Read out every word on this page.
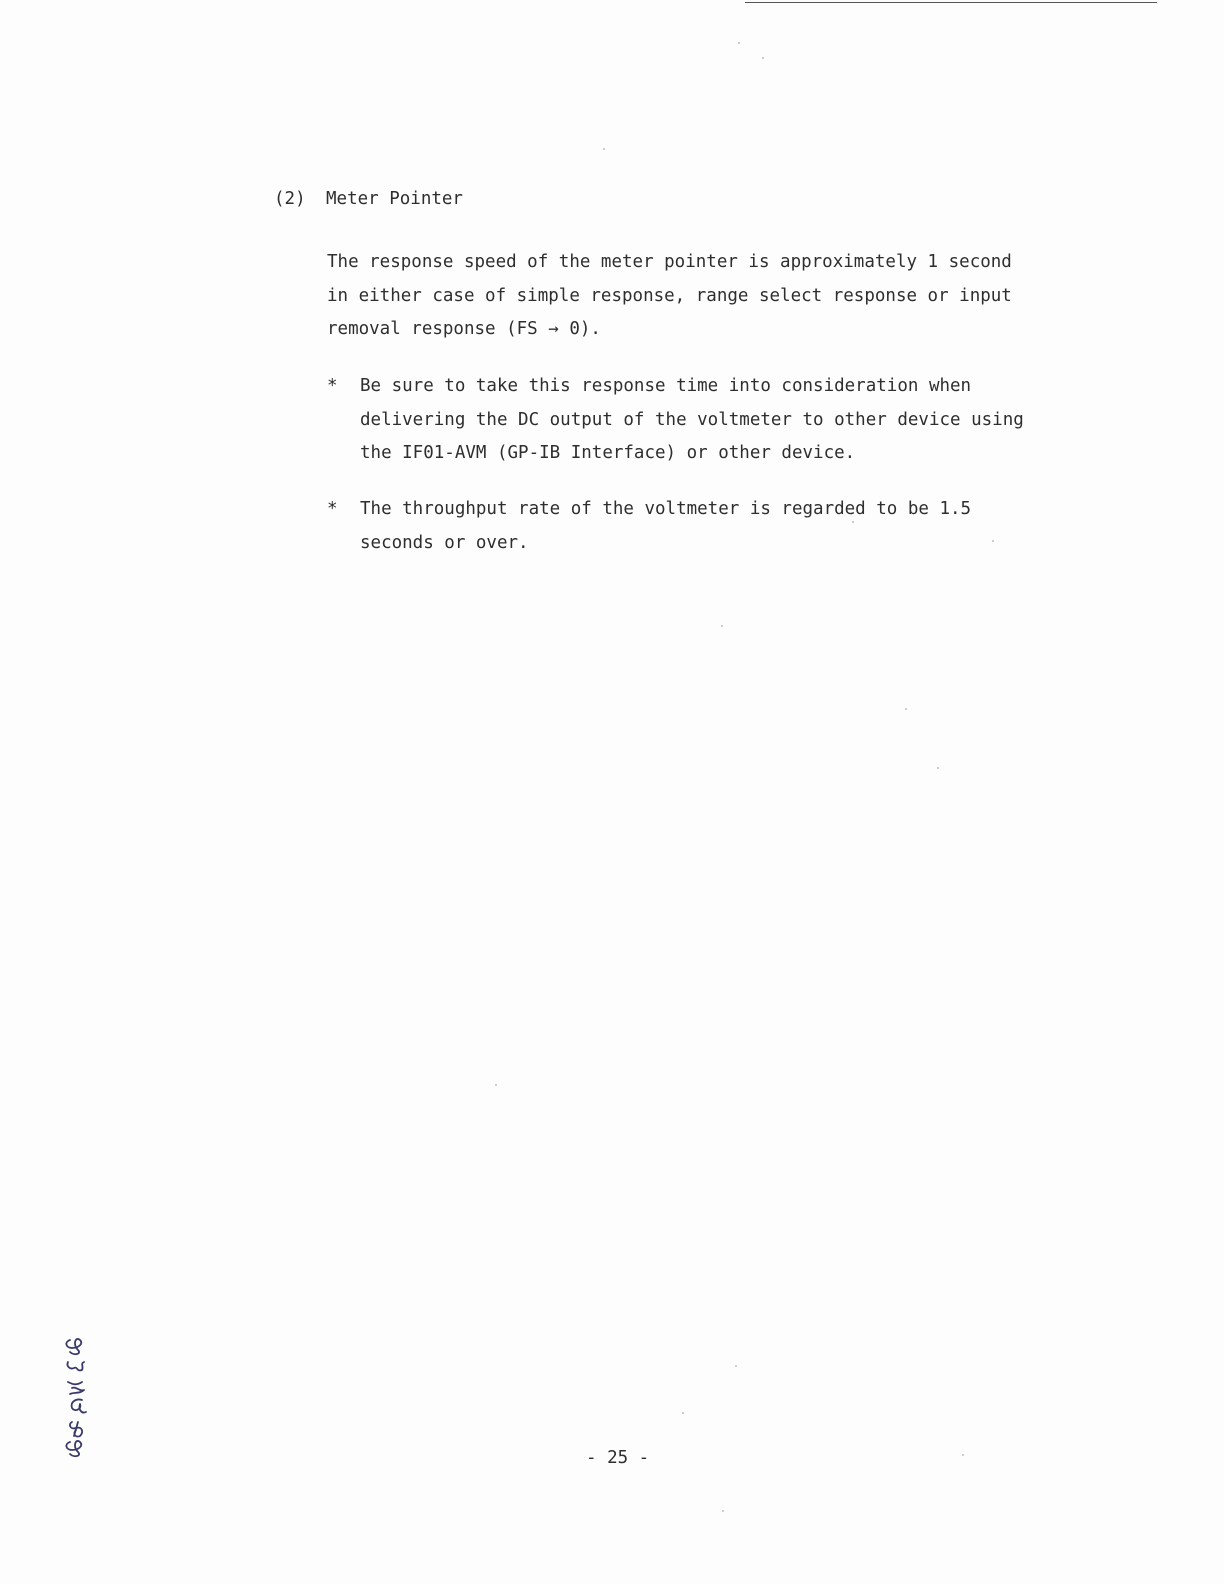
(2) Meter Pointer
The response speed of the meter pointer is approximately 1 second
in either case of simple response, range select response or input
removal response (FS → 0).
* Be sure to take this response time into consideration when
delivering the DC output of the voltmeter to other device using
the IF01-AVM (GP-IB Interface) or other device.
* The throughput rate of the voltmeter is regarded to be 1.5
seconds or over.
- 25 -
